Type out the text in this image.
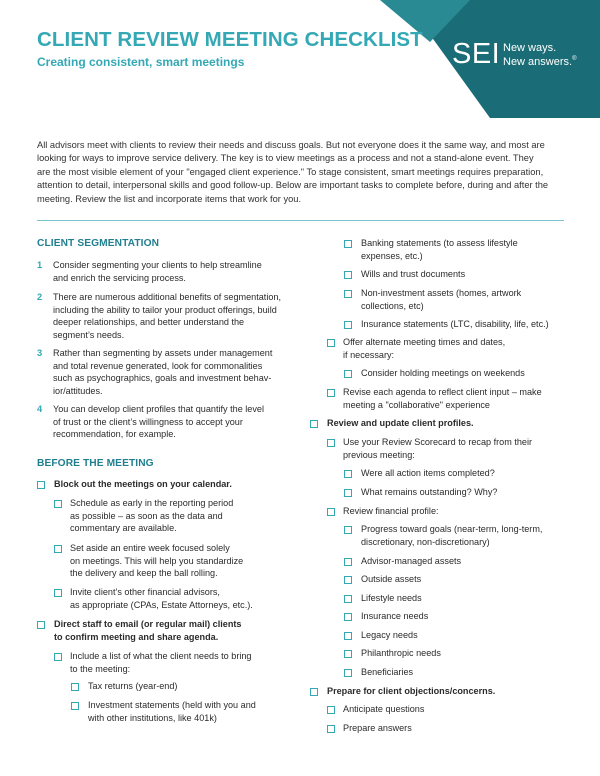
CLIENT REVIEW MEETING CHECKLIST
Creating consistent, smart meetings	SEI New ways.
New answers.®
All advisors meet with clients to review their needs and discuss goals. But not everyone does it the same way, and most are
looking for ways to improve service delivery. The key is to view meetings as a process and not a stand-alone event. They
are the most visible element of your "engaged client experience." To stage consistent, smart meetings requires preparation,
attention to detail, interpersonal skills and good follow-up. Below are important tasks to complete before, during and after the
meeting. Review the list and incorporate items that work for you.
CLIENT SEGMENTATION
1 Consider segmenting your clients to help streamline
and enrich the servicing process.
2 There are numerous additional benefits of segmentation,
including the ability to tailor your product offerings, build
deeper relationships, and better understand the
segment’s needs.
3 Rather than segmenting by assets under management
and total revenue generated, look for commonalities
such as psychographics, goals and investment behav-
ior/attitudes.
4 You can develop client profiles that quantify the level
of trust or the client’s willingness to accept your
recommendation, for example.
BEFORE THE MEETING
Block out the meetings on your calendar.
Schedule as early in the reporting period
as possible – as soon as the data and
commentary are available.
Set aside an entire week focused solely
on meetings. This will help you standardize
the delivery and keep the ball rolling.
Invite client’s other financial advisors,
as appropriate (CPAs, Estate Attorneys, etc.).
Direct staff to email (or regular mail) clients
to confirm meeting and share agenda.
Include a list of what the client needs to bring
to the meeting:
Tax returns (year-end)
Investment statements (held with you and
with other institutions, like 401k)
Banking statements (to assess lifestyle
expenses, etc.)
Wills and trust documents
Non-investment assets (homes, artwork
collections, etc)
Insurance statements (LTC, disability, life, etc.)
Offer alternate meeting times and dates,
if necessary:
Consider holding meetings on weekends
Revise each agenda to reflect client input – make
meeting a "collaborative" experience
Review and update client profiles.
Use your Review Scorecard to recap from their
previous meeting:
Were all action items completed?
What remains outstanding? Why?
Review financial profile:
Progress toward goals (near-term, long-term,
discretionary, non-discretionary)
Advisor-managed assets
Outside assets
Lifestyle needs
Insurance needs
Legacy needs
Philanthropic needs
Beneficiaries
Prepare for client objections/concerns.
Anticipate questions
Prepare answers
